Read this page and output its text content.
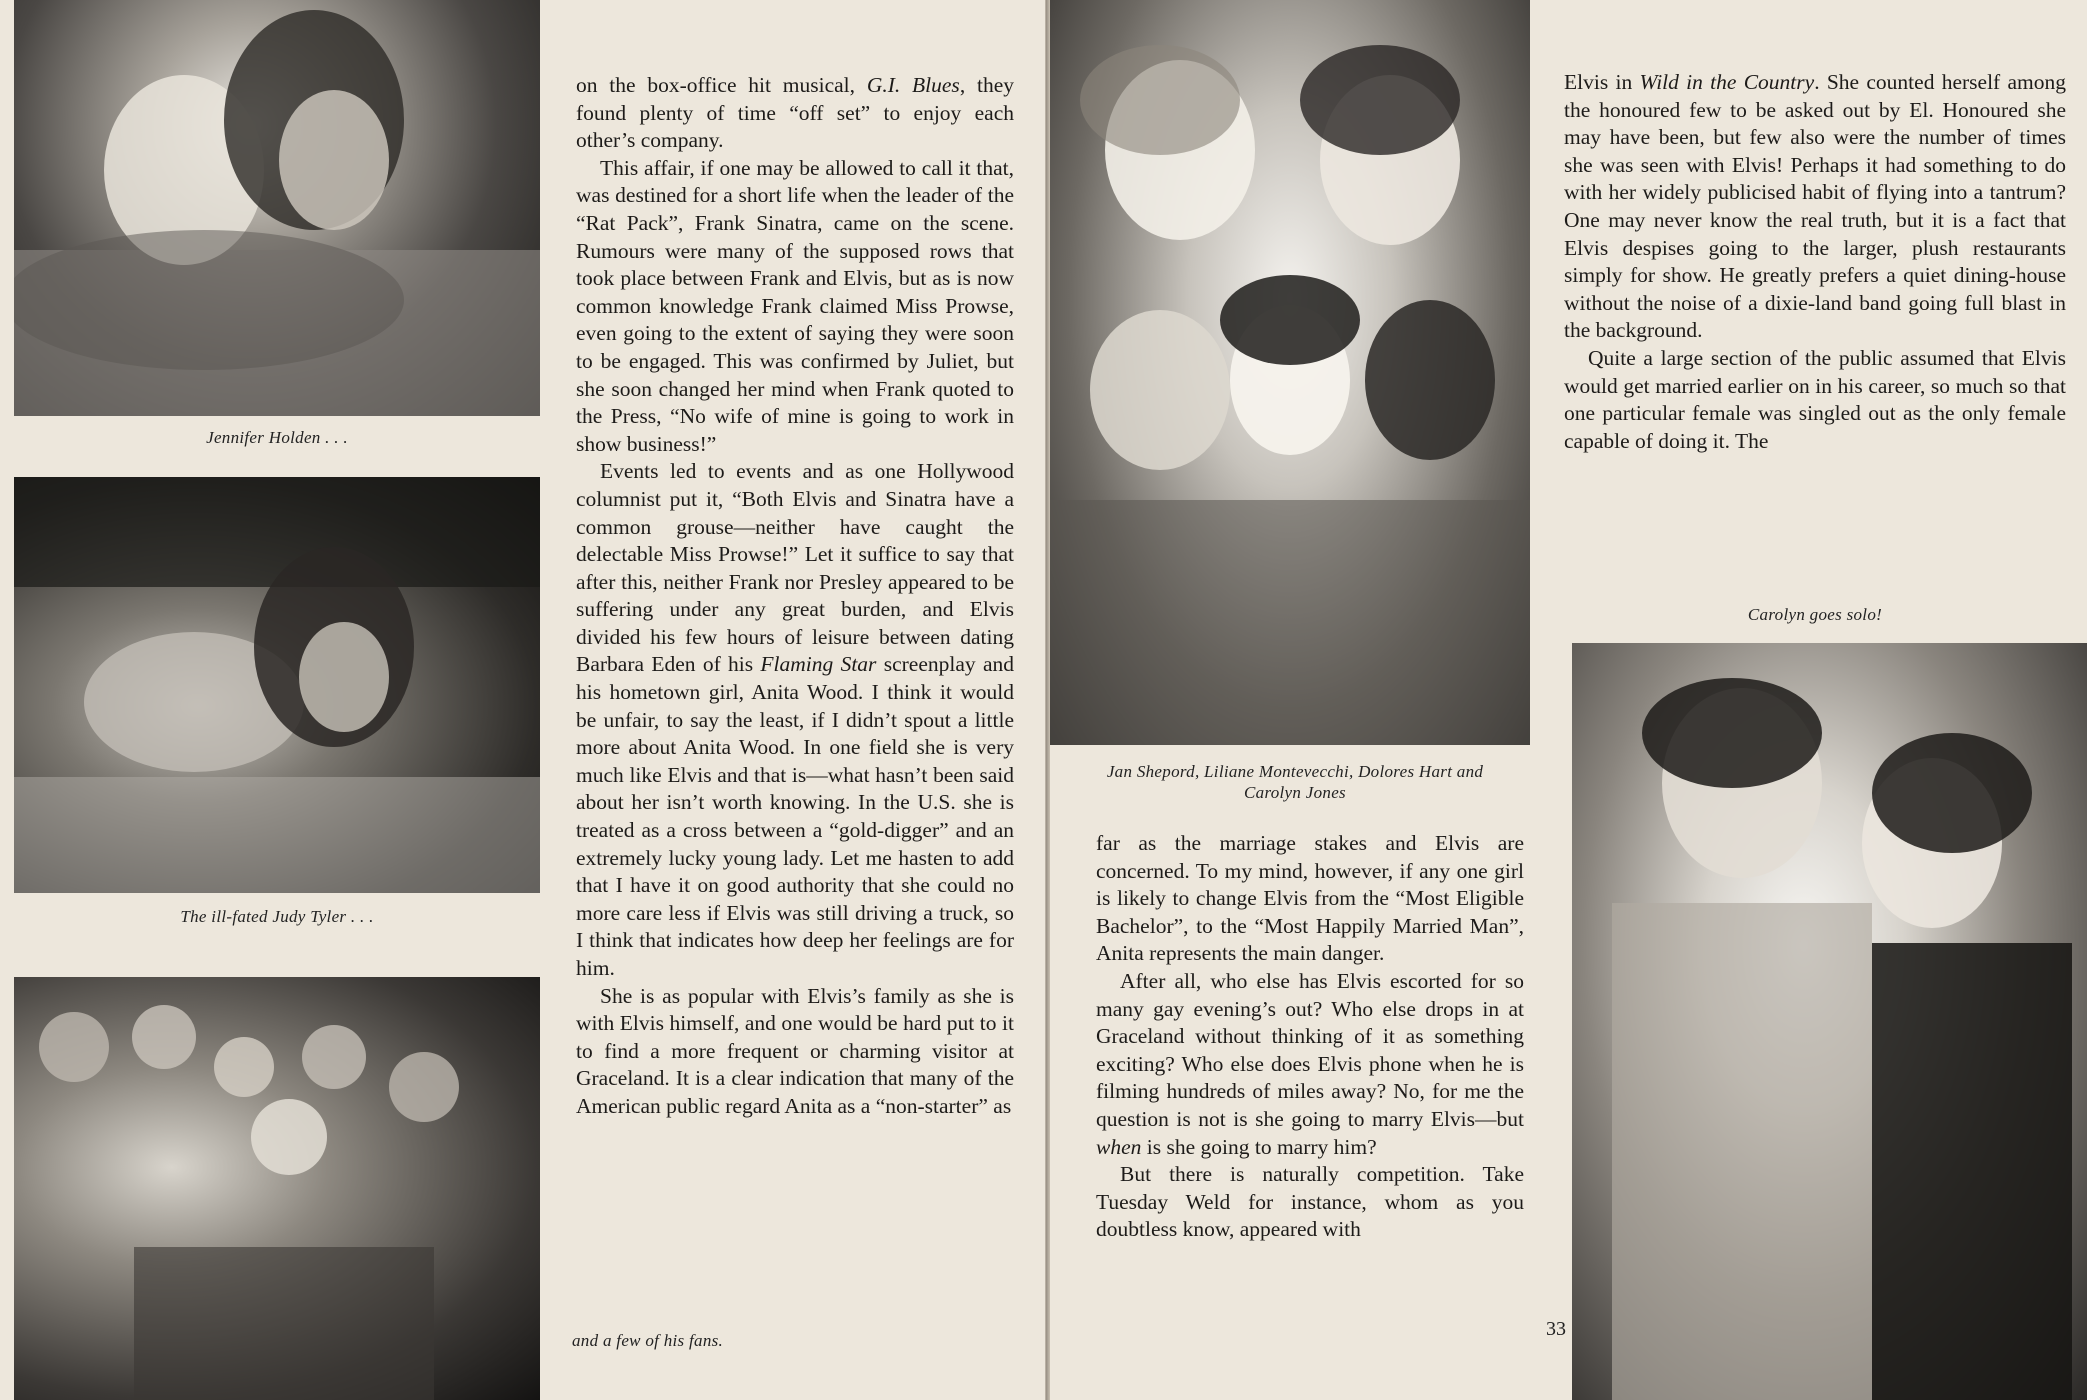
Jennifer Holden . . .
The ill-fated Judy Tyler . . .

on the box-office hit musical, G.I. Blues, they found plenty of time “off set” to enjoy each other’s company.

This affair, if one may be allowed to call it that, was destined for a short life when the leader of the “Rat Pack”, Frank Sinatra, came on the scene. Rumours were many of the supposed rows that took place between Frank and Elvis, but as is now common knowledge Frank claimed Miss Prowse, even going to the extent of saying they were soon to be engaged. This was confirmed by Juliet, but she soon changed her mind when Frank quoted to the Press, “No wife of mine is going to work in show business!”

Events led to events and as one Hollywood columnist put it, “Both Elvis and Sinatra have a common grouse—neither have caught the delectable Miss Prowse!” Let it suffice to say that after this, neither Frank nor Presley appeared to be suffering under any great burden, and Elvis divided his few hours of leisure between dating Barbara Eden of his Flaming Star screenplay and his hometown girl, Anita Wood. I think it would be unfair, to say the least, if I didn’t spout a little more about Anita Wood. In one field she is very much like Elvis and that is—what hasn’t been said about her isn’t worth knowing. In the U.S. she is treated as a cross between a “gold-digger” and an extremely lucky young lady. Let me hasten to add that I have it on good authority that she could no more care less if Elvis was still driving a truck, so I think that indicates how deep her feelings are for him.

She is as popular with Elvis’s family as she is with Elvis himself, and one would be hard put to it to find a more frequent or charming visitor at Graceland. It is a clear indication that many of the American public regard Anita as a “non-starter” as

and a few of his fans.
Jan Shepord, Liliane Montevecchi, Dolores Hart and Carolyn Jones

far as the marriage stakes and Elvis are concerned. To my mind, however, if any one girl is likely to change Elvis from the “Most Eligible Bachelor”, to the “Most Happily Married Man”, Anita represents the main danger.

After all, who else has Elvis escorted for so many gay evening’s out? Who else drops in at Graceland without thinking of it as something exciting? Who else does Elvis phone when he is filming hundreds of miles away? No, for me the question is not is she going to marry Elvis—but when is she going to marry him?

But there is naturally competition. Take Tuesday Weld for instance, whom as you doubtless know, appeared with

33

Elvis in Wild in the Country. She counted herself among the honoured few to be asked out by El. Honoured she may have been, but few also were the number of times she was seen with Elvis! Perhaps it had something to do with her widely publicised habit of flying into a tantrum? One may never know the real truth, but it is a fact that Elvis despises going to the larger, plush restaurants simply for show. He greatly prefers a quiet dining-house without the noise of a dixie-land band going full blast in the background.

Quite a large section of the public assumed that Elvis would get married earlier on in his career, so much so that one particular female was singled out as the only female capable of doing it. The

Carolyn goes solo!
